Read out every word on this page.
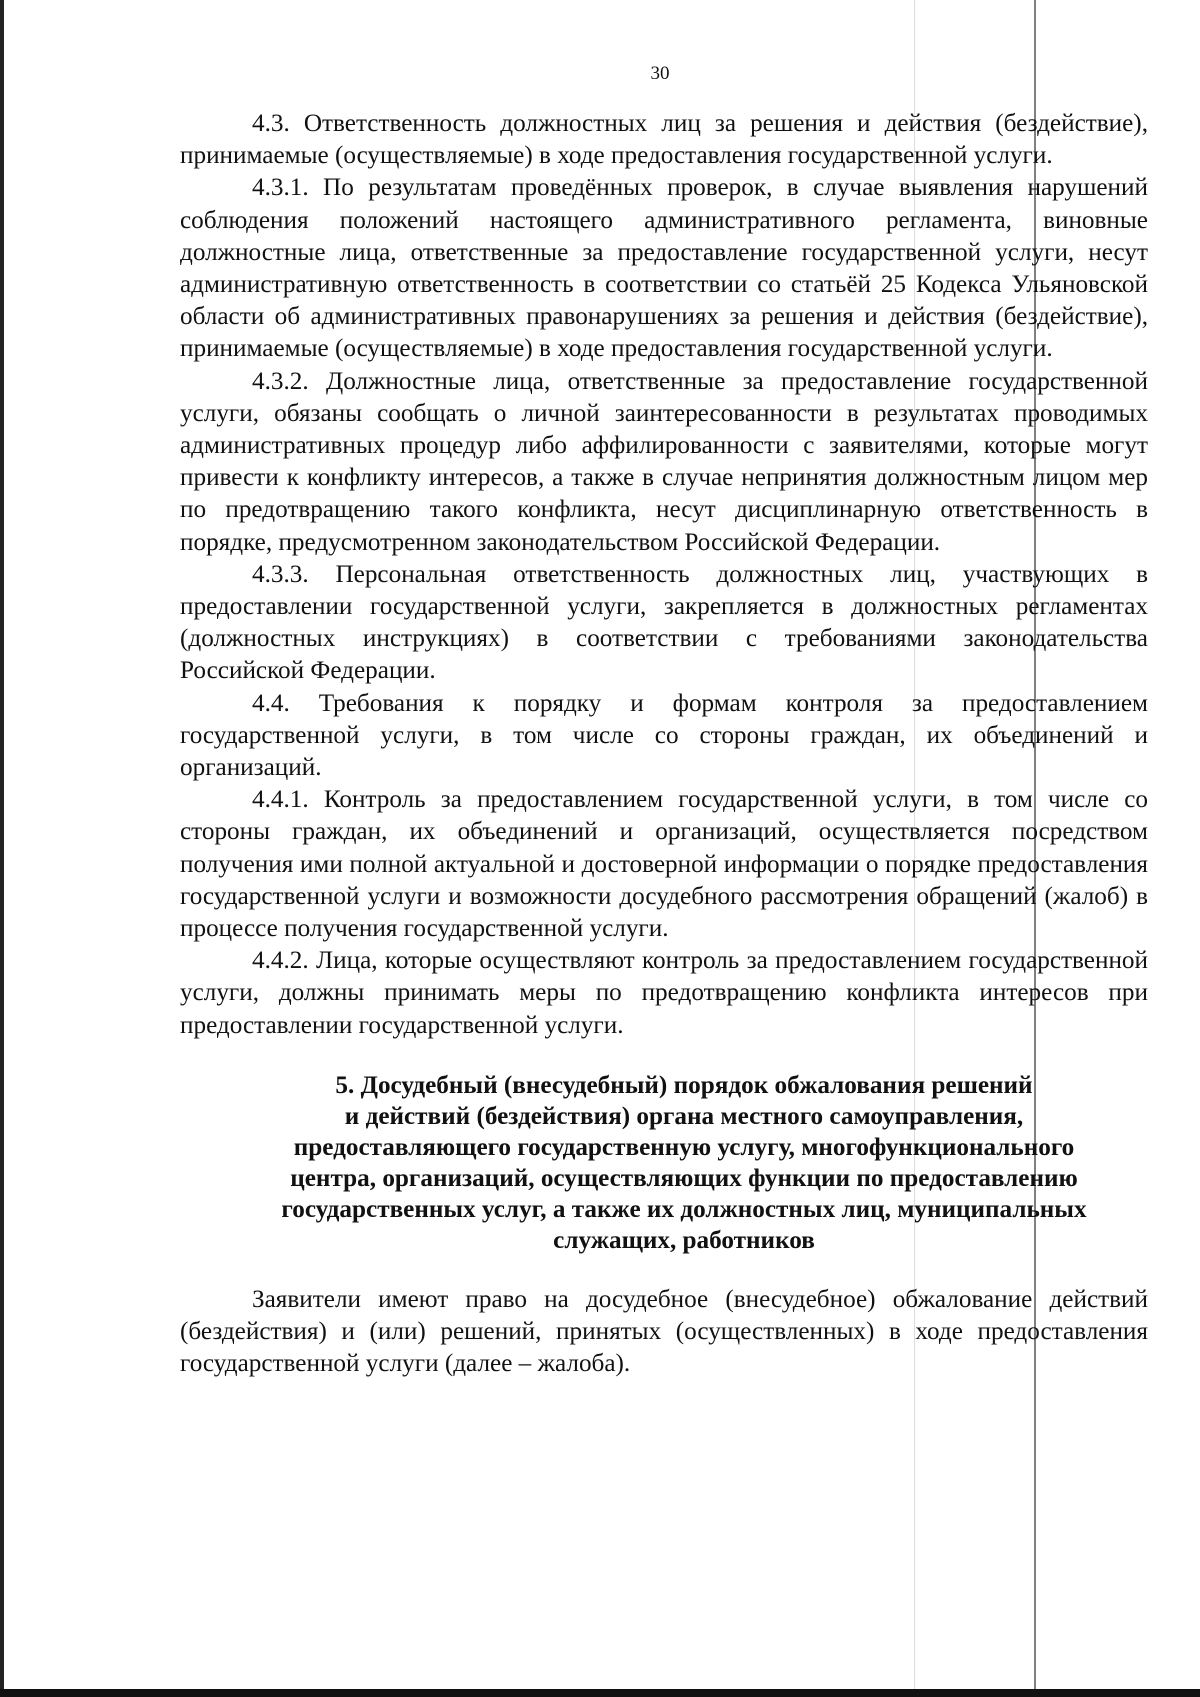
30

4.3. Ответственность должностных лиц за решения и действия (бездействие), принимаемые (осуществляемые) в ходе предоставления государственной услуги.

4.3.1. По результатам проведённых проверок, в случае выявления нарушений соблюдения положений настоящего административного регламента, виновные должностные лица, ответственные за предоставление государственной услуги, несут административную ответственность в соответствии со статьёй 25 Кодекса Ульяновской области об административных правонарушениях за решения и действия (бездействие), принимаемые (осуществляемые) в ходе предоставления государственной услуги.

4.3.2. Должностные лица, ответственные за предоставление государственной услуги, обязаны сообщать о личной заинтересованности в результатах проводимых административных процедур либо аффилированности с заявителями, которые могут привести к конфликту интересов, а также в случае непринятия должностным лицом мер по предотвращению такого конфликта, несут дисциплинарную ответственность в порядке, предусмотренном законодательством Российской Федерации.

4.3.3. Персональная ответственность должностных лиц, участвующих в предоставлении государственной услуги, закрепляется в должностных регламентах (должностных инструкциях) в соответствии с требованиями законодательства Российской Федерации.

4.4. Требования к порядку и формам контроля за предоставлением государственной услуги, в том числе со стороны граждан, их объединений и организаций.

4.4.1. Контроль за предоставлением государственной услуги, в том числе со стороны граждан, их объединений и организаций, осуществляется посредством получения ими полной актуальной и достоверной информации о порядке предоставления государственной услуги и возможности досудебного рассмотрения обращений (жалоб) в процессе получения государственной услуги.

4.4.2. Лица, которые осуществляют контроль за предоставлением государственной услуги, должны принимать меры по предотвращению конфликта интересов при предоставлении государственной услуги.

5. Досудебный (внесудебный) порядок обжалования решений
и действий (бездействия) органа местного самоуправления,
предоставляющего государственную услугу, многофункционального
центра, организаций, осуществляющих функции по предоставлению
государственных услуг, а также их должностных лиц, муниципальных
служащих, работников

Заявители имеют право на досудебное (внесудебное) обжалование действий (бездействия) и (или) решений, принятых (осуществленных) в ходе предоставления государственной услуги (далее – жалоба).
